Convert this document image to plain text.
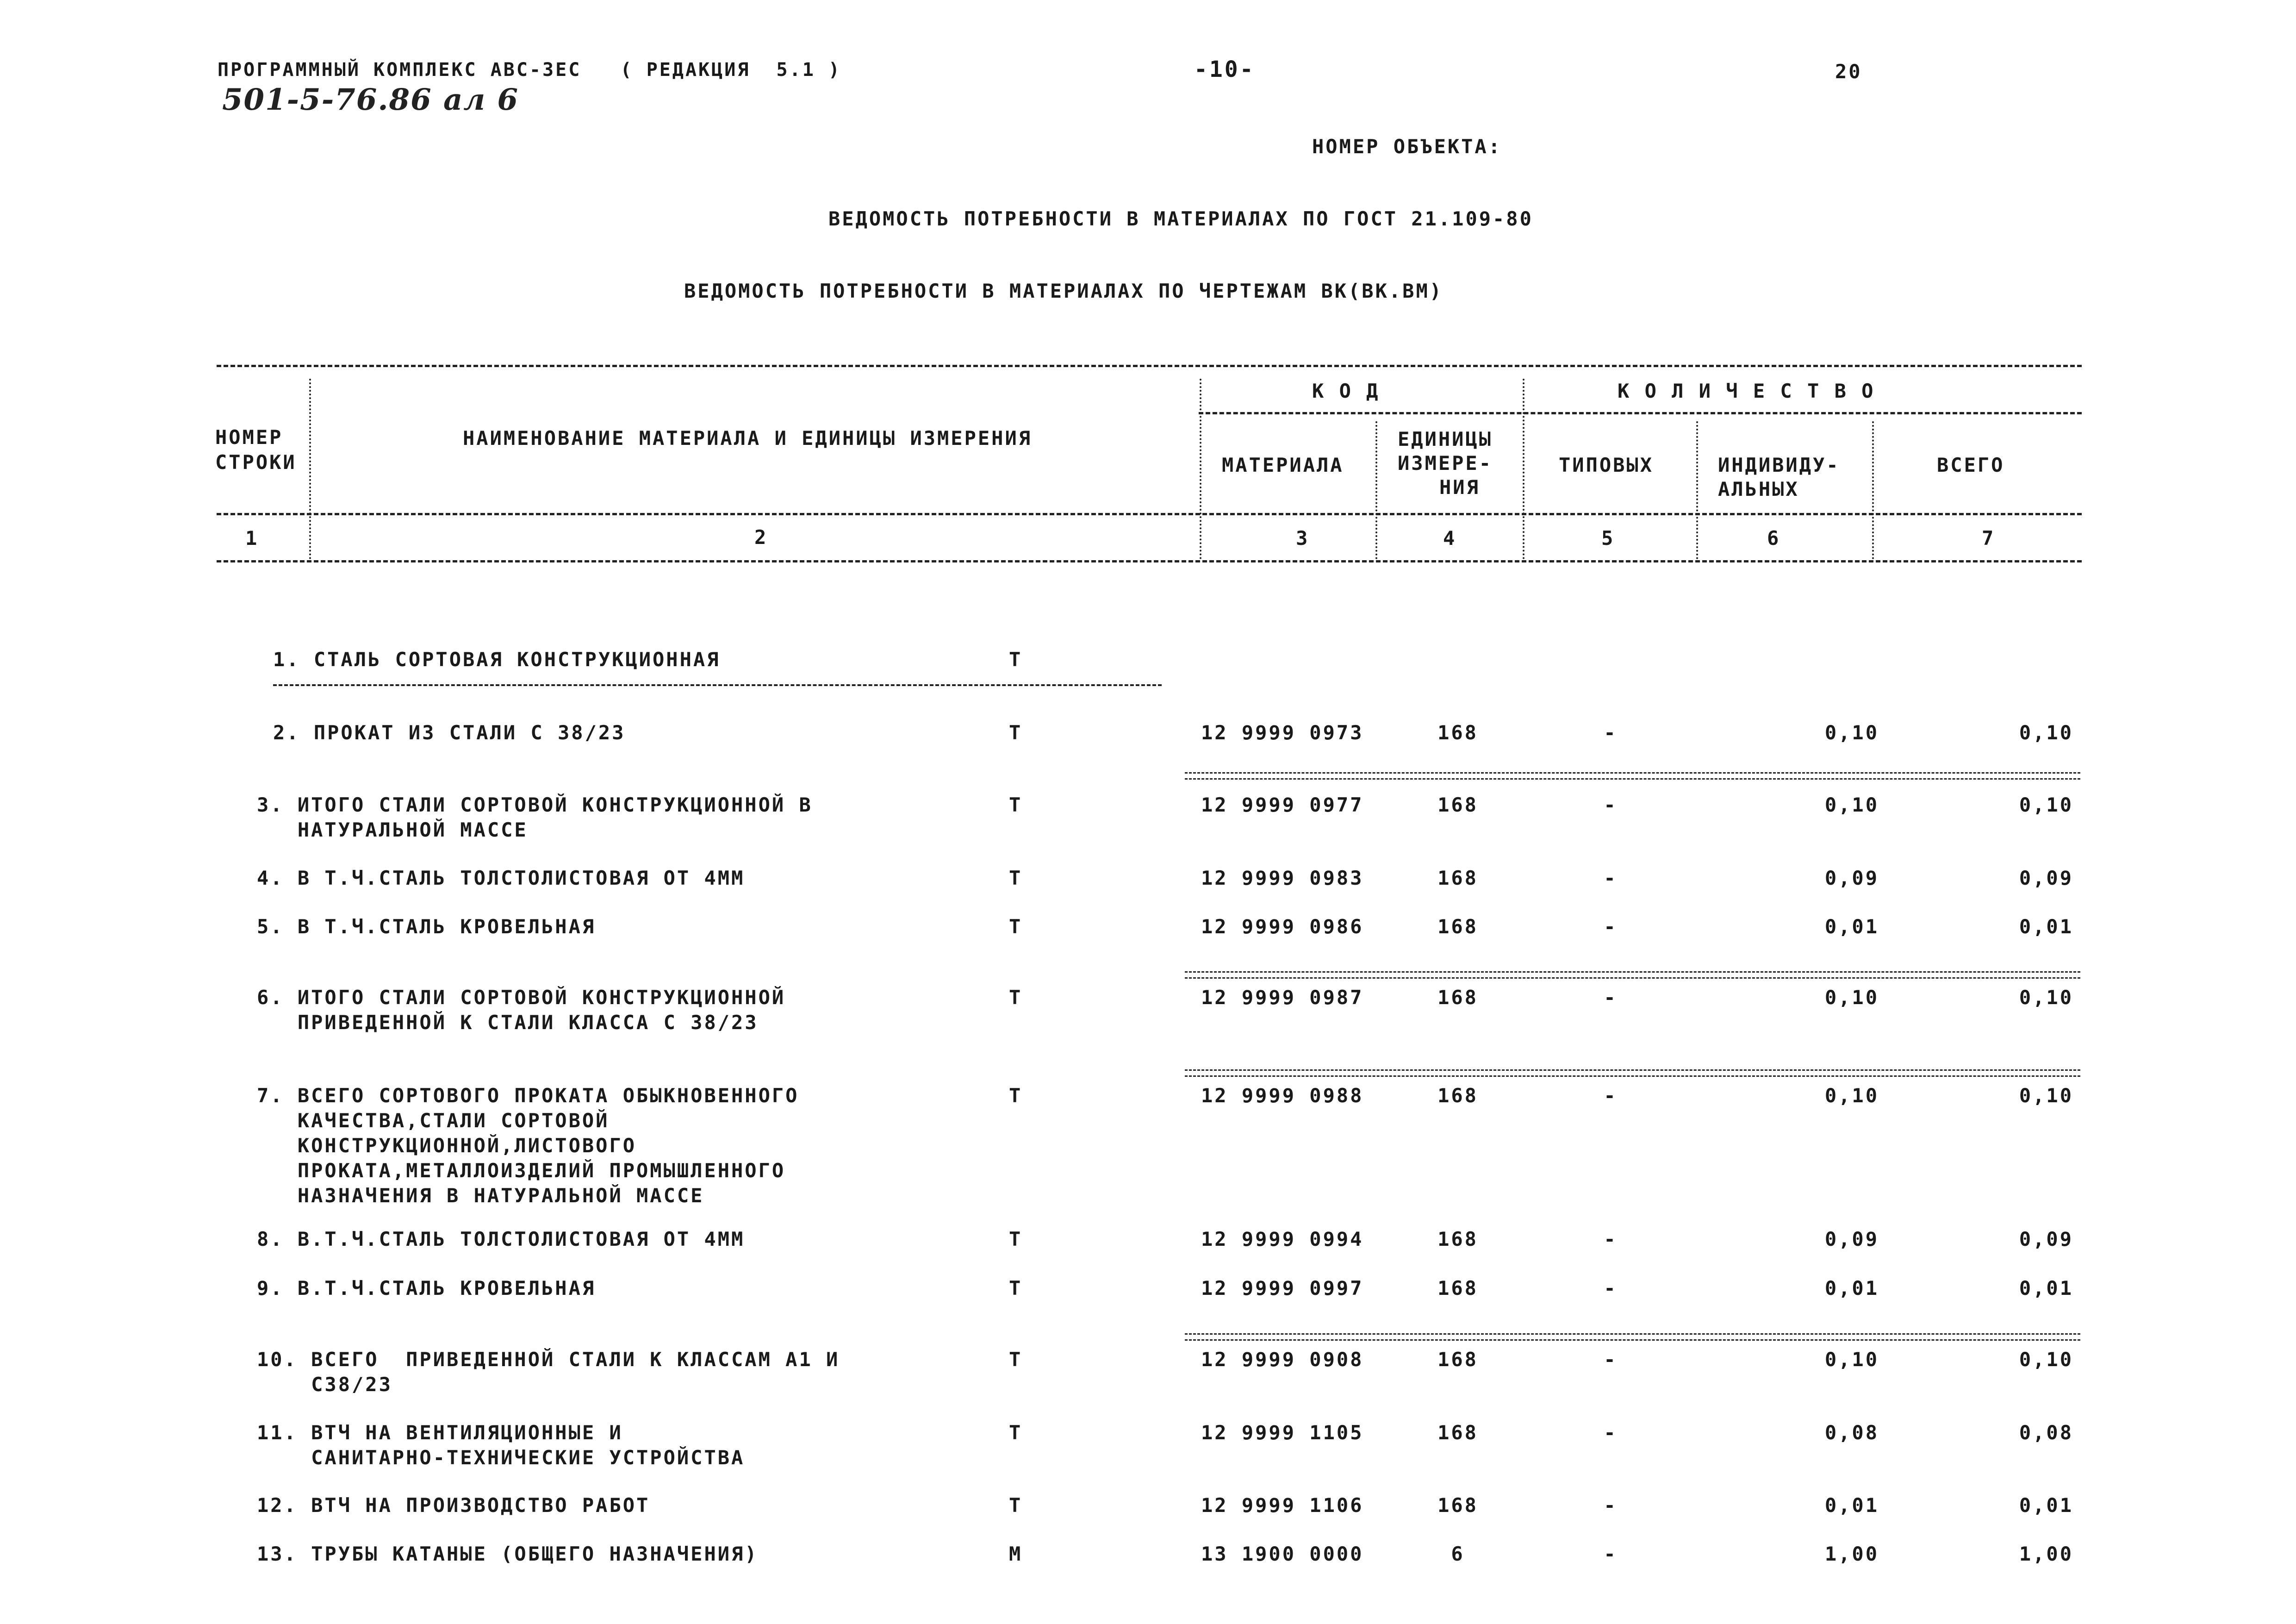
ПРОГРАММНЫЙ КОМПЛЕКС АВС-3ЕС   ( РЕДАКЦИЯ  5.1 )
501-5-76.86 ал 6
-10-	20
НОМЕР ОБЪЕКТА:
ВЕДОМОСТЬ ПОТРЕБНОСТИ В МАТЕРИАЛАХ ПО ГОСТ 21.109-80
ВЕДОМОСТЬ ПОТРЕБНОСТИ В МАТЕРИАЛАХ ПО ЧЕРТЕЖАМ ВК(ВК.ВМ)
НОМЕР
СТРОКИ
НАИМЕНОВАНИЕ МАТЕРИАЛА И ЕДИНИЦЫ ИЗМЕРЕНИЯ
К О Д	К О Л И Ч Е С Т В О
МАТЕРИАЛА
ЕДИНИЦЫ
ИЗМЕРЕ-
НИЯ
ТИПОВЫХ	ИНДИВИДУ-
АЛЬНЫХ
ВСЕГО
1	2	3	4	5	6	7
1. СТАЛЬ СОРТОВАЯ КОНСТРУКЦИОННАЯ	Т
2. ПРОКАТ ИЗ СТАЛИ С 38/23	Т	12 9999 0973	168	-	0,10	0,10
3. ИТОГО СТАЛИ СОРТОВОЙ КОНСТРУКЦИОННОЙ В
НАТУРАЛЬНОЙ МАССЕ
Т	12 9999 0977	168	-	0,10	0,10
4. В Т.Ч.СТАЛЬ ТОЛСТОЛИСТОВАЯ ОТ 4ММ	Т	12 9999 0983	168	-	0,09	0,09
5. В Т.Ч.СТАЛЬ КРОВЕЛЬНАЯ	Т	12 9999 0986	168	-	0,01	0,01
6. ИТОГО СТАЛИ СОРТОВОЙ КОНСТРУКЦИОННОЙ
ПРИВЕДЕННОЙ К СТАЛИ КЛАССА С 38/23
Т	12 9999 0987	168	-	0,10	0,10
7. ВСЕГО СОРТОВОГО ПРОКАТА ОБЫКНОВЕННОГО
КАЧЕСТВА,СТАЛИ СОРТОВОЙ
КОНСТРУКЦИОННОЙ,ЛИСТОВОГО
ПРОКАТА,МЕТАЛЛОИЗДЕЛИЙ ПРОМЫШЛЕННОГО
НАЗНАЧЕНИЯ В НАТУРАЛЬНОЙ МАССЕ
Т	12 9999 0988	168	-	0,10	0,10
8. В.Т.Ч.СТАЛЬ ТОЛСТОЛИСТОВАЯ ОТ 4ММ	Т	12 9999 0994	168	-	0,09	0,09
9. В.Т.Ч.СТАЛЬ КРОВЕЛЬНАЯ	Т	12 9999 0997	168	-	0,01	0,01
10. ВСЕГО  ПРИВЕДЕННОЙ СТАЛИ К КЛАССАМ А1 И
С38/23
Т	12 9999 0908	168	-	0,10	0,10
11. ВТЧ НА ВЕНТИЛЯЦИОННЫЕ И
САНИТАРНО-ТЕХНИЧЕСКИЕ УСТРОЙСТВА
Т	12 9999 1105	168	-	0,08	0,08
12. ВТЧ НА ПРОИЗВОДСТВО РАБОТ	Т	12 9999 1106	168	-	0,01	0,01
13. ТРУБЫ КАТАНЫЕ (ОБЩЕГО НАЗНАЧЕНИЯ)	М	13 1900 0000	6	-	1,00	1,00
